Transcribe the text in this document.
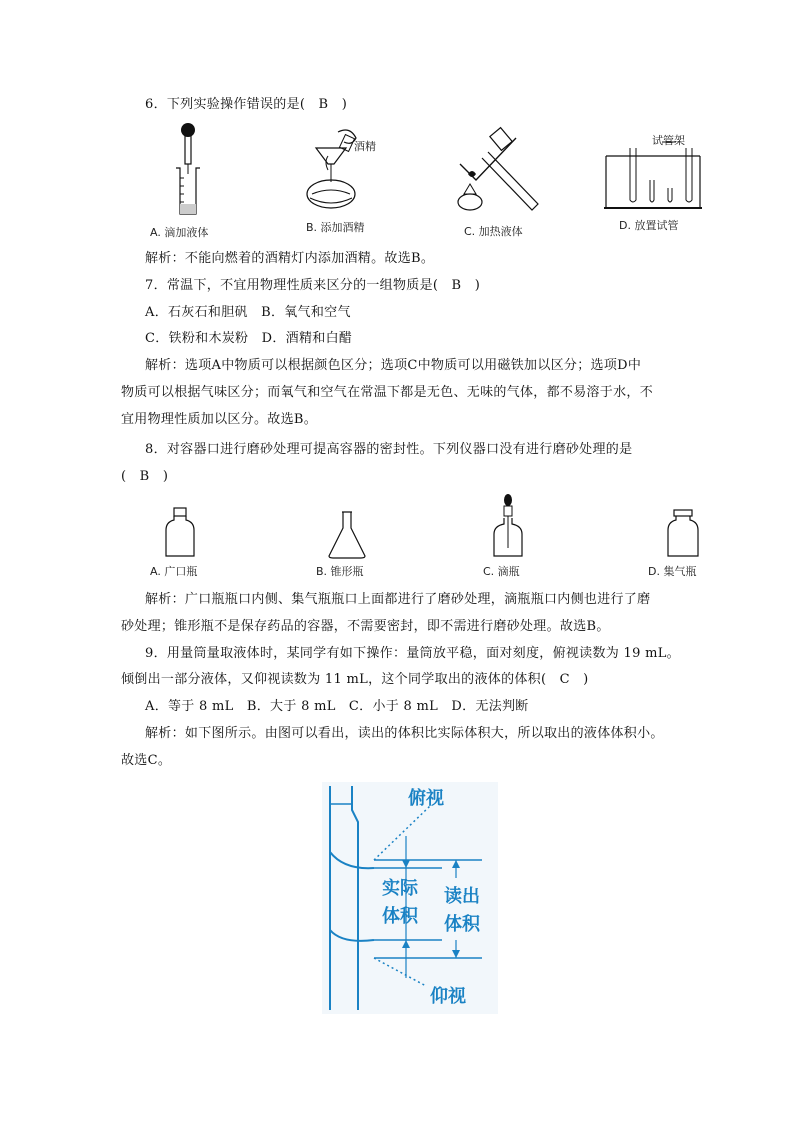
6．下列实验操作错误的是(　B　)
A. 滴加液体
酒精
B. 添加酒精	C. 加热液体
试管架
D. 放置试管
解析：不能向燃着的酒精灯内添加酒精。故选B。
7．常温下，不宜用物理性质来区分的一组物质是(　B　)
A．石灰石和胆矾　B．氧气和空气
C．铁粉和木炭粉　D．酒精和白醋
解析：选项A中物质可以根据颜色区分；选项C中物质可以用磁铁加以区分；选项D中
物质可以根据气味区分；而氧气和空气在常温下都是无色、无味的气体，都不易溶于水，不
宜用物理性质加以区分。故选B。
8．对容器口进行磨砂处理可提高容器的密封性。下列仪器口没有进行磨砂处理的是
(　B　)
A. 广口瓶	B. 锥形瓶	C. 滴瓶	D. 集气瓶
解析：广口瓶瓶口内侧、集气瓶瓶口上面都进行了磨砂处理，滴瓶瓶口内侧也进行了磨
砂处理；锥形瓶不是保存药品的容器，不需要密封，即不需进行磨砂处理。故选B。
9．用量筒量取液体时，某同学有如下操作：量筒放平稳，面对刻度，俯视读数为 19 mL。
倾倒出一部分液体，又仰视读数为 11 mL，这个同学取出的液体的体积(　C　)
A．等于 8 mL　B．大于 8 mL　C．小于 8 mL　D．无法判断
解析：如下图所示。由图可以看出，读出的体积比实际体积大，所以取出的液体体积小。
故选C。
俯视
实际
体积
读出
体积
仰视
